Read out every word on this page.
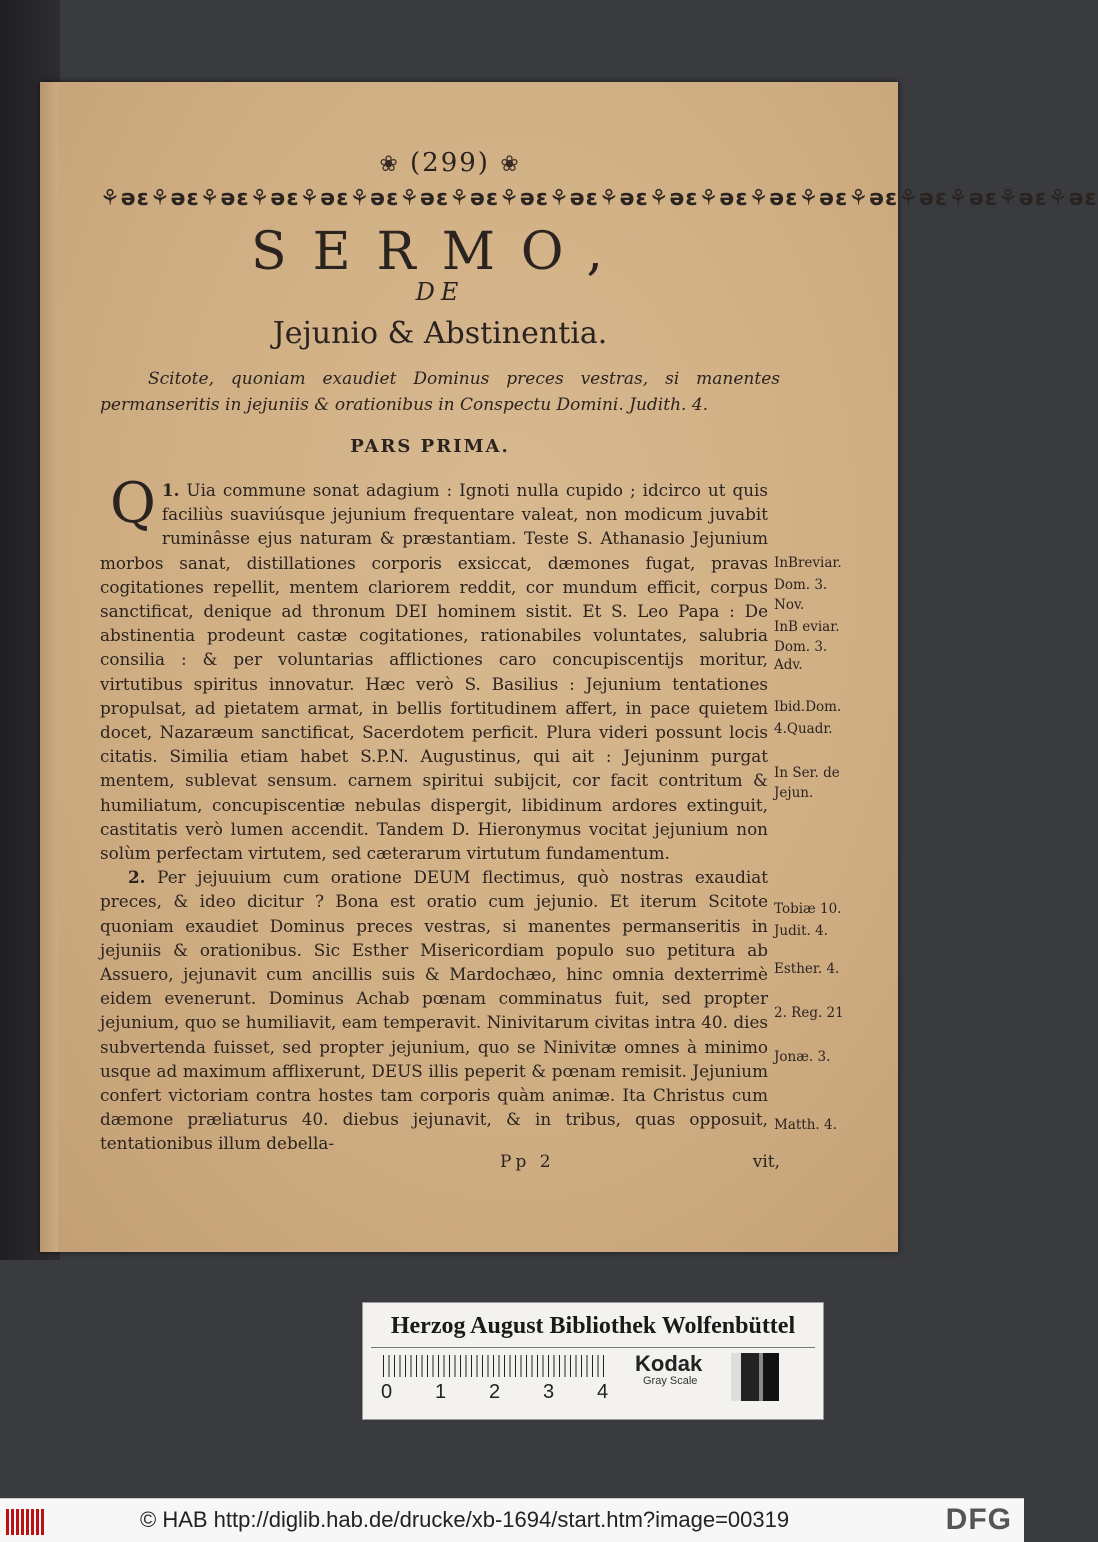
❀ (299) ❀
⚘ǝɛ⚘ǝɛ⚘ǝɛ⚘ǝɛ⚘ǝɛ⚘ǝɛ⚘ǝɛ⚘ǝɛ⚘ǝɛ⚘ǝɛ⚘ǝɛ⚘ǝɛ⚘ǝɛ⚘ǝɛ⚘ǝɛ⚘ǝɛ⚘ǝɛ⚘ǝɛ⚘ǝɛ⚘ǝɛ
SERMO,
DE
Jejunio & Abstinentia.
Scitote, quoniam exaudiet Dominus preces vestras, si manentes permanseritis in jejuniis & orationibus in Conspectu Domini. Judith. 4.
PARS PRIMA.

1.
Q Uia commune sonat adagium : Ignoti nulla cupido ; idcirco ut quis faciliùs suaviúsque jejunium frequentare valeat, non modicum juvabit ruminâsse ejus naturam & præstantiam. Teste S. Athanasio Jejunium morbos sanat, distillationes corporis exsiccat, dæmones fugat, pravas cogitationes repellit, mentem clariorem reddit, cor mundum efficit, corpus sanctificat, denique ad thronum DEI hominem sistit. Et S. Leo Papa : De abstinentia prodeunt castæ cogitationes, rationabiles voluntates, salubria consilia : & per voluntarias afflictiones caro concupiscentijs moritur, virtutibus spiritus innovatur. Hæc verò S. Basilius : Jejunium tentationes propulsat, ad pietatem armat, in bellis fortitudinem affert, in pace quietem docet, Nazaræum sanctificat, Sacerdotem perficit. Plura videri possunt locis citatis. Similia etiam habet S.P.N. Augustinus, qui ait : Jejuninm purgat mentem, sublevat sensum. carnem spiritui subijcit, cor facit contritum & humiliatum, concupiscentiæ nebulas dispergit, libidinum ardores extinguit, castitatis verò lumen accendit. Tandem D. Hieronymus vocitat jejunium non solùm perfectam virtutem, sed cæterarum virtutum fundamentum.

2. Per jejuuium cum oratione DEUM flectimus, quò nostras exaudiat preces, & ideo dicitur ? Bona est oratio cum jejunio. Et iterum Scitote quoniam exaudiet Dominus preces vestras, si manentes permanseritis in jejuniis & orationibus. Sic Esther Misericordiam populo suo petitura ab Assuero, jejunavit cum ancillis suis & Mardochæo, hinc omnia dexterrimè eidem evenerunt. Dominus Achab pœnam comminatus fuit, sed propter jejunium, quo se humiliavit, eam temperavit. Ninivitarum civitas intra 40. dies subvertenda fuisset, sed propter jejunium, quo se Ninivitæ omnes à minimo usque ad maximum afflixerunt, DEUS illis peperit & pœnam remisit. Jejunium confert victoriam contra hostes tam corporis quàm animæ. Ita Christus cum dæmone præliaturus 40. diebus jejunavit, & in tribus, quas opposuit, tentationibus illum debella-

Pp 2	vit,
InBreviar.
Dom. 3.
Nov.
InB eviar.
Dom. 3.
Adv.
Ibid.Dom.
4.Quadr.
In Ser. de
Jejun.
Tobiæ 10.
Judit. 4.
Esther. 4.
2. Reg. 21
Jonæ. 3.
Matth. 4.
Herzog August Bibliothek Wolfenbüttel
0 1 2 3 4
Kodak
Gray Scale
© HAB http://diglib.hab.de/drucke/xb-1694/start.htm?image=00319	DFG
